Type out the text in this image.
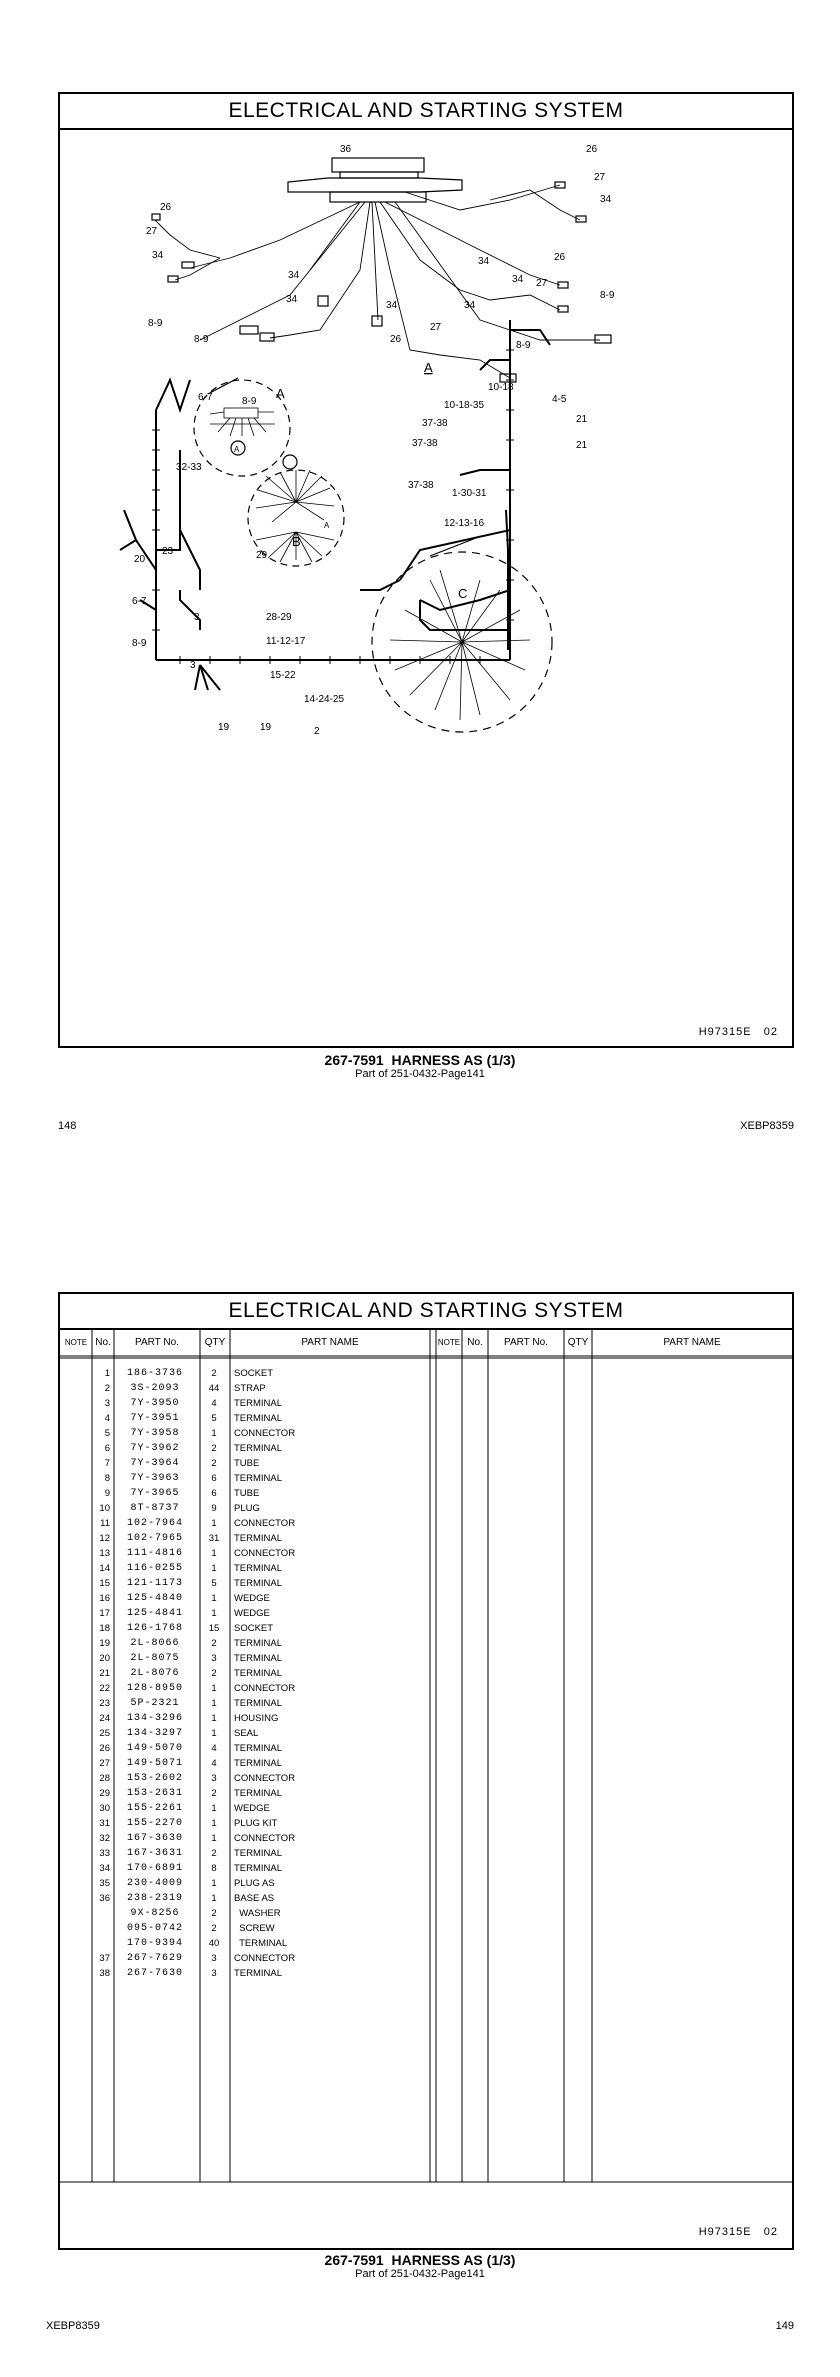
ELECTRICAL AND STARTING SYSTEM
36
26
27
34
26
27
34
26
27
34
34
34
34
34	34
27
26
8-9
8-9
8-9
8-9
A
10-18
4-5
10-18-35
21
21
37-38
37-38
37-38
1-30-31
6-7	8-9
A
A
32-33
A	12-13-16
B
29
28-29
20
23
6-7
8-9
3
3
11-12-17
15-22
14-24-25
C
19	19	2
H97315E   02
267-7591  HARNESS AS (1/3)
Part of 251-0432-Page141
148	XEBP8359
ELECTRICAL AND STARTING SYSTEM
NOTE No.	PART No.	QTY	PART NAME	NOTE No.	PART No.	QTY	PART NAME
1	186-3736	2	SOCKET
2	3S-2093	44	STRAP
3	7Y-3950	4	TERMINAL
4	7Y-3951	5	TERMINAL
5	7Y-3958	1	CONNECTOR
6	7Y-3962	2	TERMINAL
7	7Y-3964	2	TUBE
8	7Y-3963	6	TERMINAL
9	7Y-3965	6	TUBE
10	8T-8737	9	PLUG
11	102-7964	1	CONNECTOR
12	102-7965	31	TERMINAL
13	111-4816	1	CONNECTOR
14	116-0255	1	TERMINAL
15	121-1173	5	TERMINAL
16	125-4840	1	WEDGE
17	125-4841	1	WEDGE
18	126-1768	15	SOCKET
19	2L-8066	2	TERMINAL
20	2L-8075	3	TERMINAL
21	2L-8076	2	TERMINAL
22	128-8950	1	CONNECTOR
23	5P-2321	1	TERMINAL
24	134-3296	1	HOUSING
25	134-3297	1	SEAL
26	149-5070	4	TERMINAL
27	149-5071	4	TERMINAL
28	153-2602	3	CONNECTOR
29	153-2631	2	TERMINAL
30	155-2261	1	WEDGE
31	155-2270	1	PLUG KIT
32	167-3630	1	CONNECTOR
33	167-3631	2	TERMINAL
34	170-6891	8	TERMINAL
35	230-4009	1	PLUG AS
36	238-2319	1	BASE AS
9X-8256	2	WASHER
095-0742	2	SCREW
170-9394	40	TERMINAL
37	267-7629	3	CONNECTOR
38	267-7630	3	TERMINAL
H97315E   02
267-7591  HARNESS AS (1/3)
Part of 251-0432-Page141
XEBP8359	149
